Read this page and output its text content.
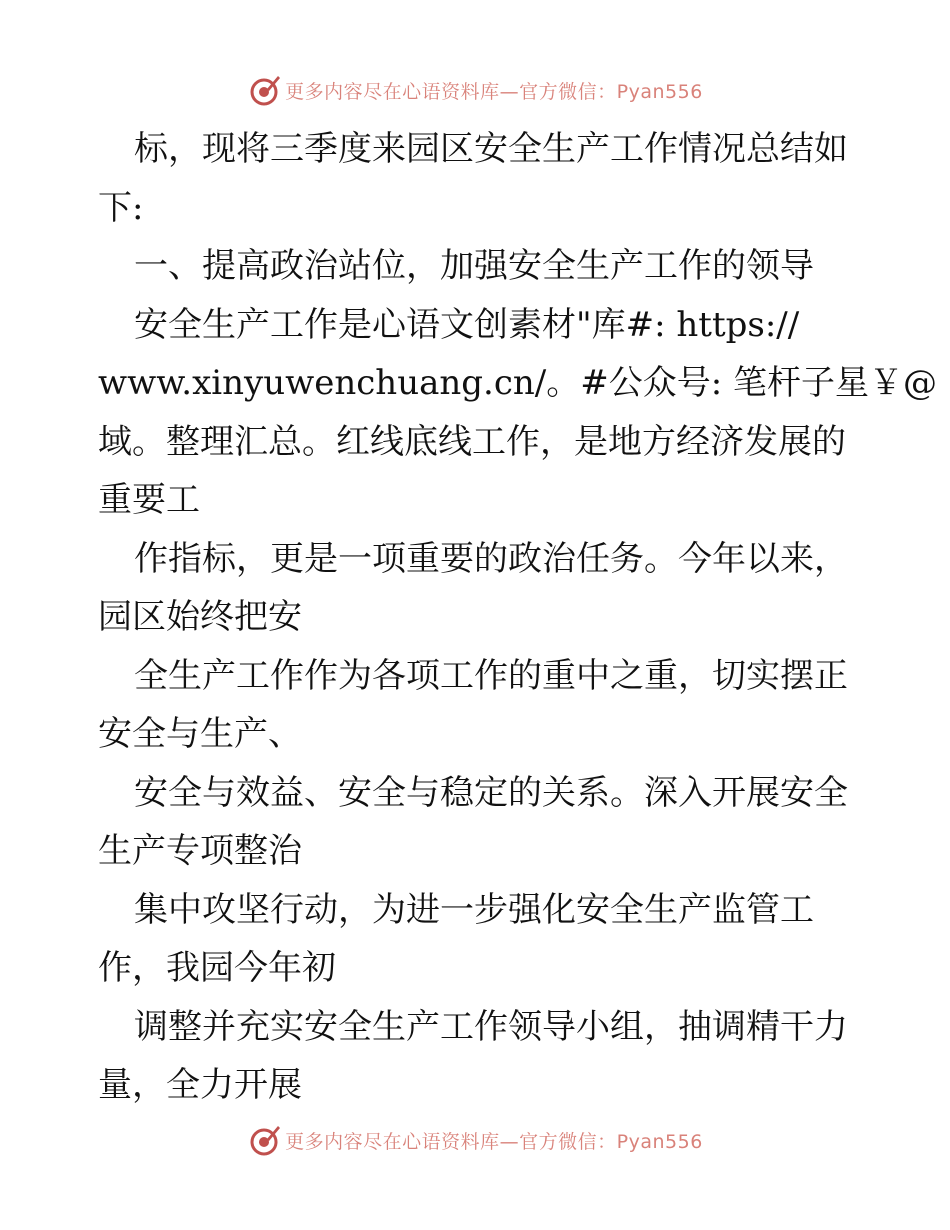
更多内容尽在心语资料库—官方微信：Pyan556
标，现将三季度来园区安全生产工作情况总结如
下:
一、提高政治站位，加强安全生产工作的领导
安全生产工作是心语文创素材"库#: https://
www.xinyuwenchuang.cn/。#公众号: 笔杆子星￥@
域。整理汇总。红线底线工作，是地方经济发展的
重要工
作指标，更是一项重要的政治任务。今年以来，
园区始终把安
全生产工作作为各项工作的重中之重，切实摆正
安全与生产、
安全与效益、安全与稳定的关系。深入开展安全
生产专项整治
集中攻坚行动，为进一步强化安全生产监管工
作，我园今年初
调整并充实安全生产工作领导小组，抽调精干力
量，全力开展
更多内容尽在心语资料库—官方微信：Pyan556
